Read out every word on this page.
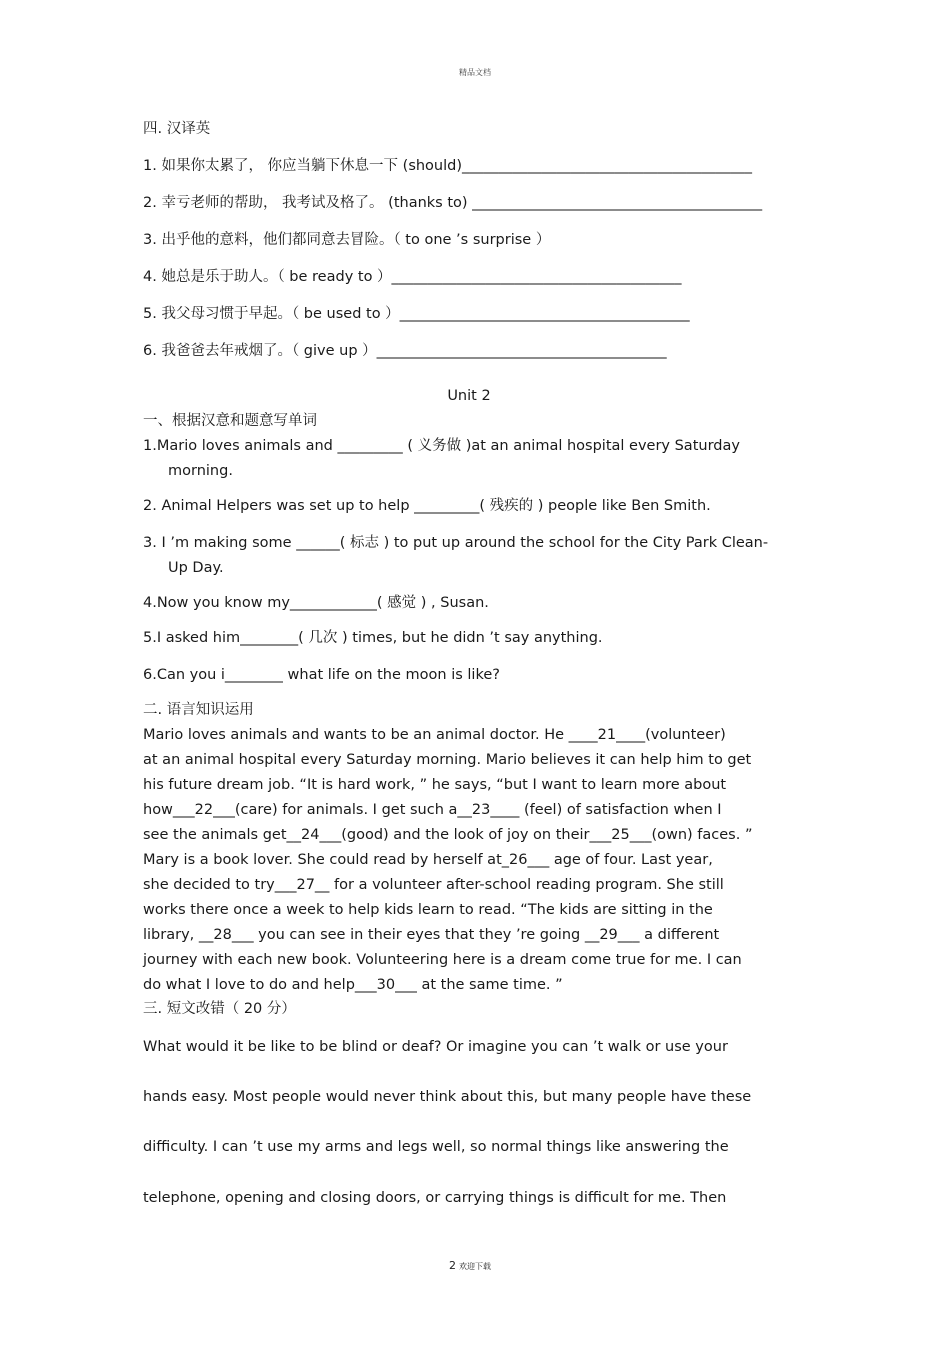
精品文档
四. 汉译英
1. 如果你太累了， 你应当躺下休息一下 (should)________________________________________
2. 幸亏老师的帮助， 我考试及格了。 (thanks to) ________________________________________
3. 出乎他的意料，他们都同意去冒险。（ to one ’s surprise ）
4. 她总是乐于助人。（ be ready to ）________________________________________
5. 我父母习惯于早起。（ be used to ）________________________________________
6. 我爸爸去年戒烟了。（ give up ）________________________________________
Unit 2
一、根据汉意和题意写单词
1.Mario loves animals and _________ ( 义务做 )at an animal hospital every Saturday
morning.
2. Animal Helpers was set up to help _________( 残疾的 ) people like Ben Smith.
3. I ’m making some ______( 标志 ) to put up around the school for the City Park Clean-
Up Day.
4.Now you know my____________( 感觉 ) , Susan.
5.I asked him________( 几次 ) times, but he didn ’t say anything.
6.Can you i________ what life on the moon is like?
二. 语言知识运用
Mario loves animals and wants to be an animal doctor. He ____21____(volunteer)
at an animal hospital every Saturday morning. Mario believes it can help him to get
his future dream job. “It is hard work, ” he says, “but I want to learn more about
how___22___(care) for animals. I get such a__23____ (feel) of satisfaction when I
see the animals get__24___(good) and the look of joy on their___25___(own) faces. ”
Mary is a book lover. She could read by herself at_26___ age of four. Last year,
she decided to try___27__ for a volunteer after-school reading program. She still
works there once a week to help kids learn to read. “The kids are sitting in the
library, __28___ you can see in their eyes that they ’re going __29___ a different
journey with each new book. Volunteering here is a dream come true for me. I can
do what I love to do and help___30___ at the same time. ”
三. 短文改错（ 20 分）
What would it be like to be blind or deaf? Or imagine you can ’t walk or use your
hands easy. Most people would never think about this, but many people have these
difficulty. I can ’t use my arms and legs well, so normal things like answering the
telephone, opening and closing doors, or carrying things is difficult for me. Then
2 欢迎下载
